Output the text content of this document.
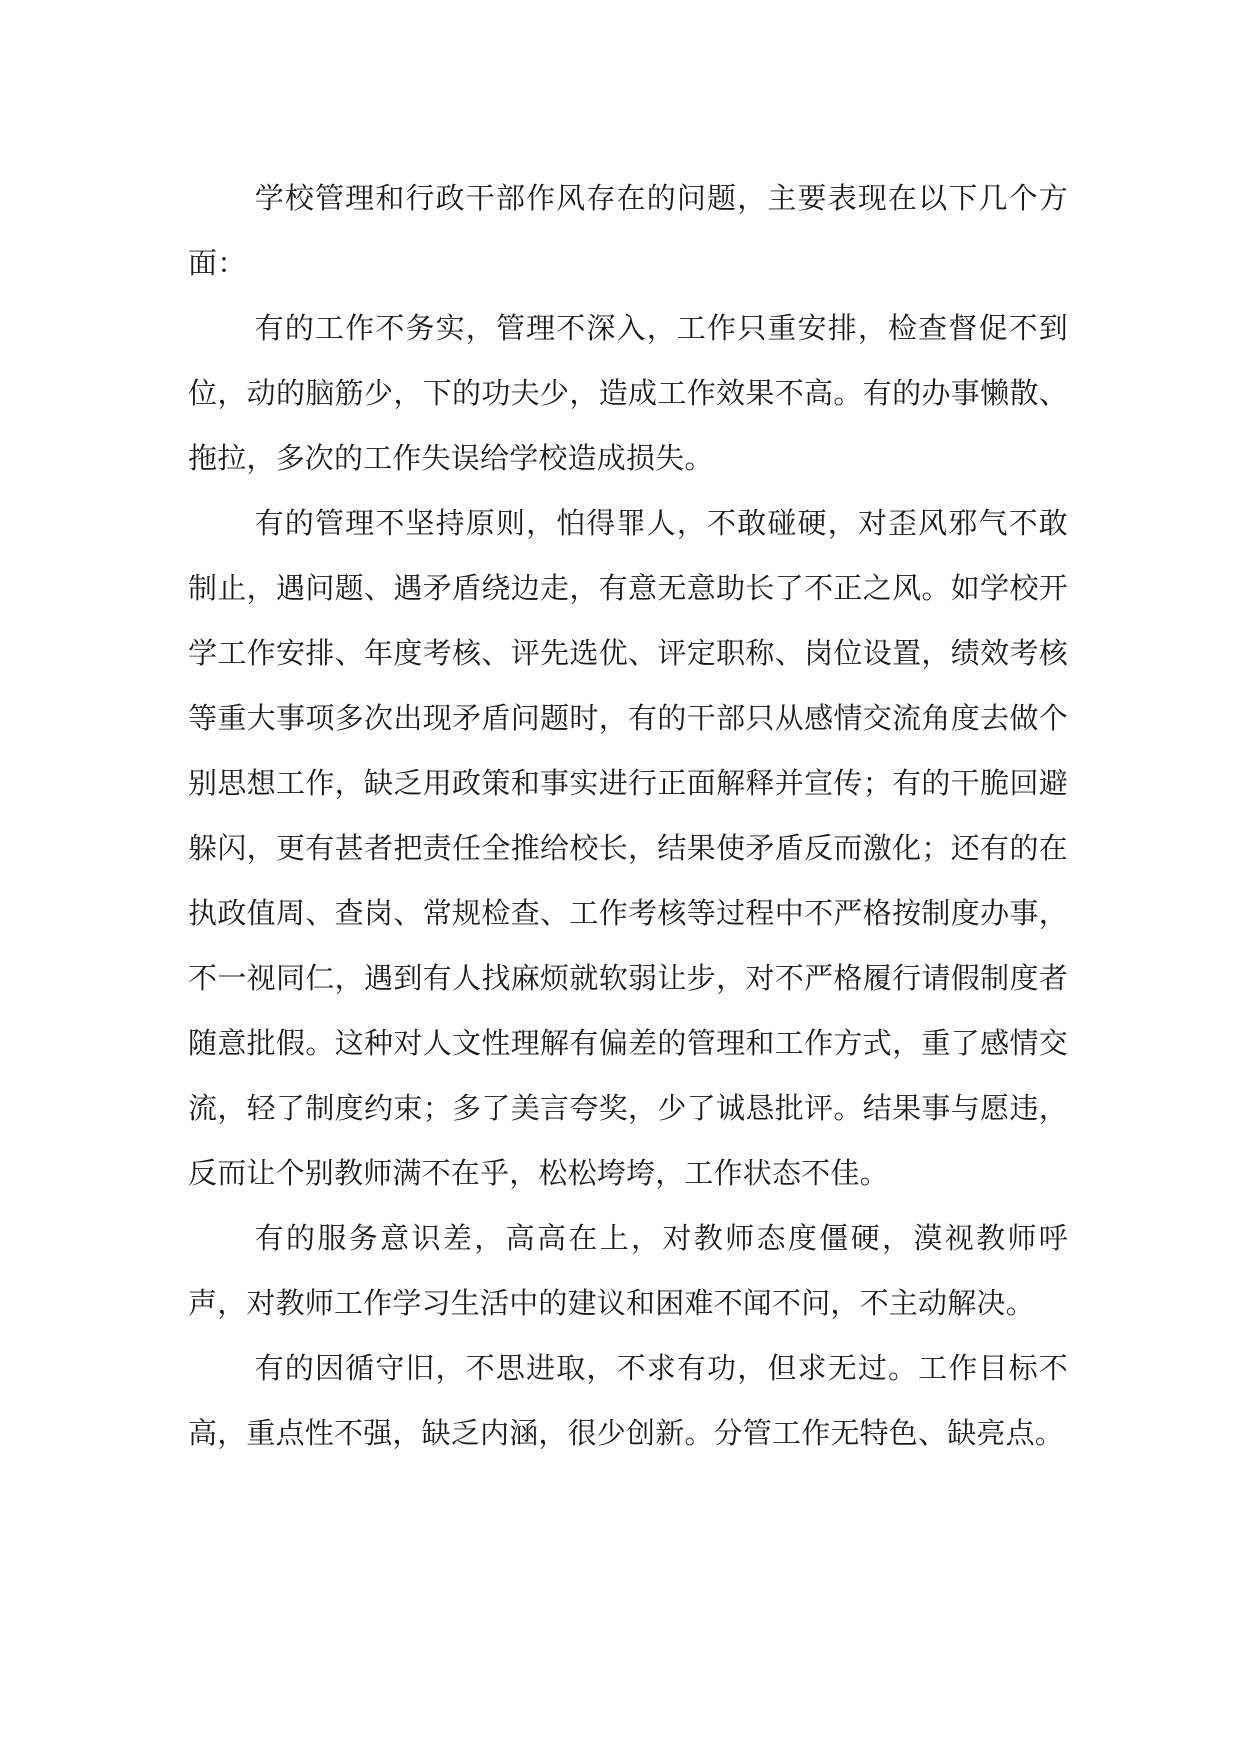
学校管理和行政干部作风存在的问题，主要表现在以下几个方面：

有的工作不务实，管理不深入，工作只重安排，检查督促不到位，动的脑筋少，下的功夫少，造成工作效果不高。有的办事懒散、拖拉，多次的工作失误给学校造成损失。

有的管理不坚持原则，怕得罪人，不敢碰硬，对歪风邪气不敢制止，遇问题、遇矛盾绕边走，有意无意助长了不正之风。如学校开学工作安排、年度考核、评先选优、评定职称、岗位设置，绩效考核等重大事项多次出现矛盾问题时，有的干部只从感情交流角度去做个别思想工作，缺乏用政策和事实进行正面解释并宣传；有的干脆回避躲闪，更有甚者把责任全推给校长，结果使矛盾反而激化；还有的在执政值周、查岗、常规检查、工作考核等过程中不严格按制度办事，不一视同仁，遇到有人找麻烦就软弱让步，对不严格履行请假制度者随意批假。这种对人文性理解有偏差的管理和工作方式，重了感情交流，轻了制度约束；多了美言夸奖，少了诚恳批评。结果事与愿违，反而让个别教师满不在乎，松松垮垮，工作状态不佳。

有的服务意识差，高高在上，对教师态度僵硬，漠视教师呼声，对教师工作学习生活中的建议和困难不闻不问，不主动解决。

有的因循守旧，不思进取，不求有功，但求无过。工作目标不高，重点性不强，缺乏内涵，很少创新。分管工作无特色、缺亮点。
